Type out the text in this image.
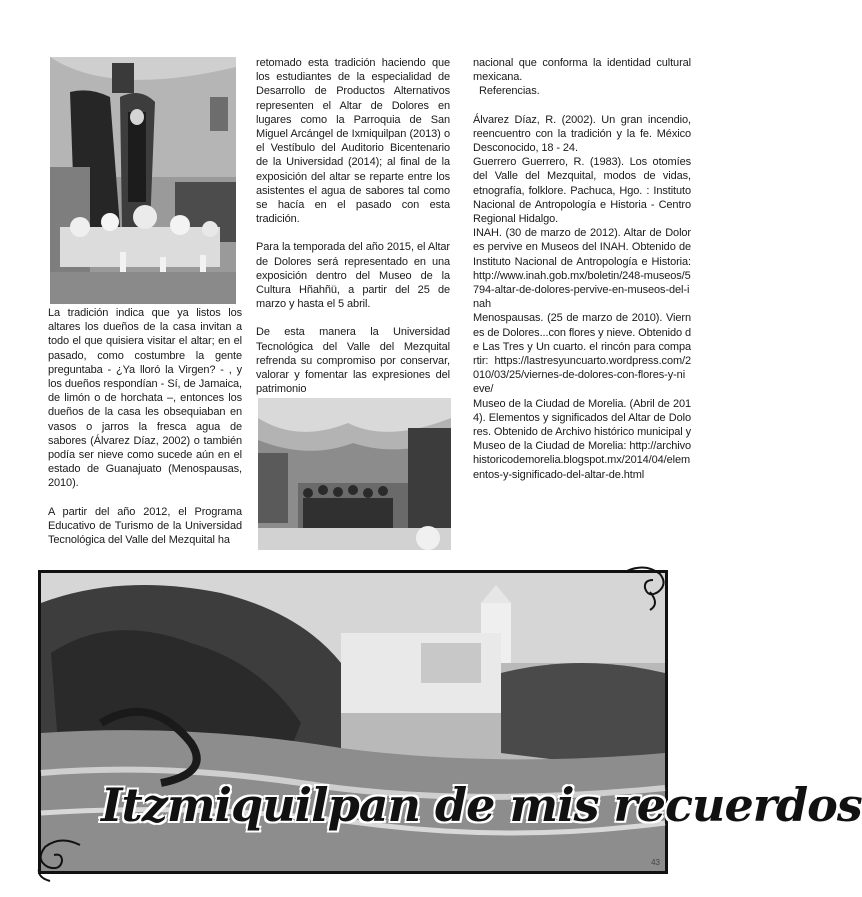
La tradición indica que ya listos los altares los dueños de la casa invitan a todo el que quisiera visitar el altar; en el pasado, como costumbre la gente preguntaba - ¿Ya lloró la Virgen? - , y los dueños respondían - Sí, de Jamaica, de limón o de horchata –, entonces los dueños de la casa les obsequiaban en vasos o jarros la fresca agua de sabores (Álvarez Díaz, 2002) o también podía ser nieve como sucede aún en el estado de Guanajuato (Menospausas, 2010).

A partir del año 2012, el Programa Educativo de Turismo de la Universidad Tecnológica del Valle del Mezquital ha

retomado esta tradición haciendo que los estudiantes de la especialidad de Desarrollo de Productos Alternativos representen el Altar de Dolores en lugares como la Parroquia de San Miguel Arcángel de Ixmiquilpan (2013) o el Vestíbulo del Auditorio Bicentenario de la Universidad (2014); al final de la exposición del altar se reparte entre los asistentes el agua de sabores tal como se hacía en el pasado con esta tradición.

Para la temporada del año 2015, el Altar de Dolores será representado en una exposición dentro del Museo de la Cultura Hñahñü, a partir del 25 de marzo y hasta el 5 abril.

De esta manera la Universidad Tecnológica del Valle del Mezquital refrenda su compromiso por conservar, valorar y fomentar las expresiones del patrimonio

nacional que conforma la identidad cultural mexicana.

Referencias.

Álvarez Díaz, R. (2002). Un gran incendio, reencuentro con la tradición y la fe. México Desconocido, 18 - 24.

Guerrero Guerrero, R. (1983). Los otomíes del Valle del Mezquital, modos de vidas, etnografía, folklore. Pachuca, Hgo. : Instituto Nacional de Antropología e Historia - Centro Regional Hidalgo.

INAH. (30 de marzo de 2012). Altar de Dolores pervive en Museos del INAH. Obtenido de Instituto Nacional de Antropología e Historia: http://www.inah.gob.mx/boletin/248-museos/5794-altar-de-dolores-pervive-en-museos-del-inah

Menospausas. (25 de marzo de 2010). Viernes de Dolores...con flores y nieve. Obtenido de Las Tres y Un cuarto. el rincón para compartir: https://lastresyuncuarto.wordpress.com/2010/03/25/viernes-de-dolores-con-flores-y-nieve/

Museo de la Ciudad de Morelia. (Abril de 2014). Elementos y significados del Altar de Dolores. Obtenido de Archivo histórico municipal y Museo de la Ciudad de Morelia: http://archivohistoricodemorelia.blogspot.mx/2014/04/elementos-y-significado-del-altar-de.html

Itzmiquilpan de mis recuerdos
43
